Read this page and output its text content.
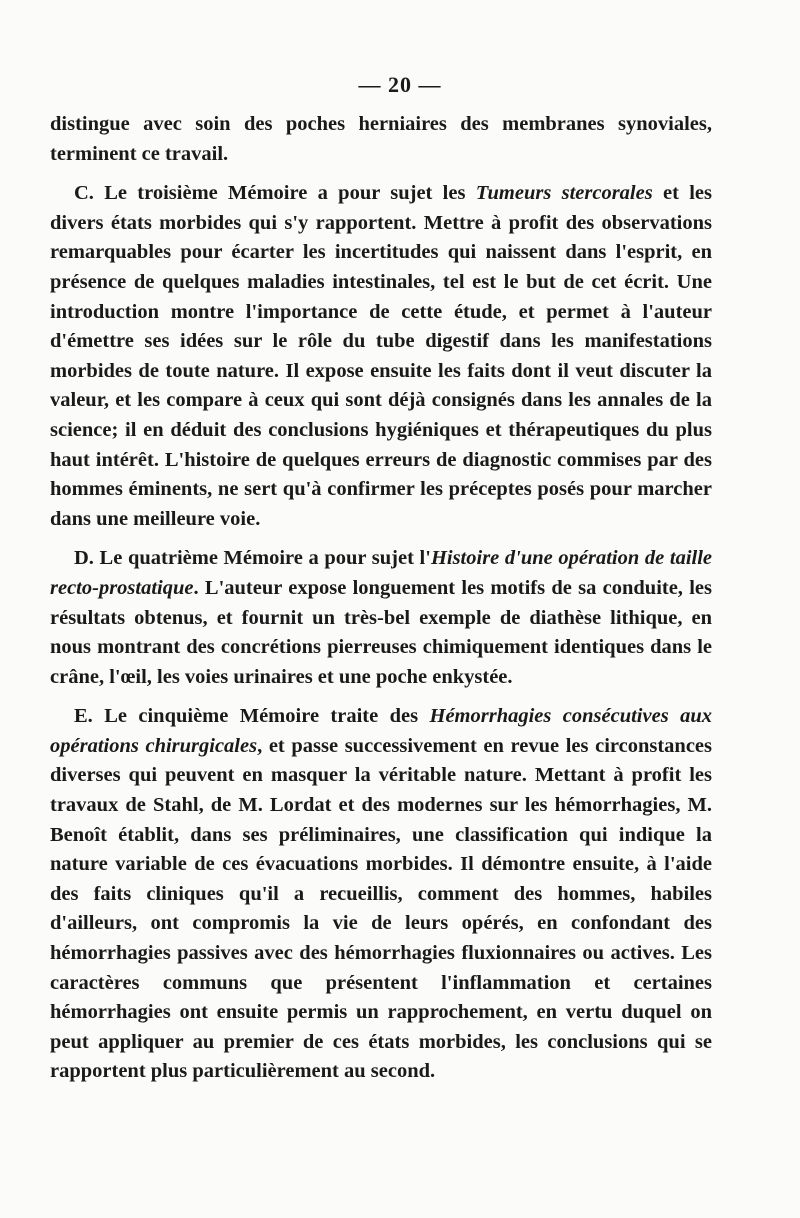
— 20 —

distingue avec soin des poches herniaires des membranes synoviales, terminent ce travail.

C. Le troisième Mémoire a pour sujet les Tumeurs stercorales et les divers états morbides qui s'y rapportent. Mettre à profit des observations remarquables pour écarter les incertitudes qui naissent dans l'esprit, en présence de quelques maladies intestinales, tel est le but de cet écrit. Une introduction montre l'importance de cette étude, et permet à l'auteur d'émettre ses idées sur le rôle du tube digestif dans les manifestations morbides de toute nature. Il expose ensuite les faits dont il veut discuter la valeur, et les compare à ceux qui sont déjà consignés dans les annales de la science; il en déduit des conclusions hygiéniques et thérapeutiques du plus haut intérêt. L'histoire de quelques erreurs de diagnostic commises par des hommes éminents, ne sert qu'à confirmer les préceptes posés pour marcher dans une meilleure voie.

D. Le quatrième Mémoire a pour sujet l'Histoire d'une opération de taille recto-prostatique. L'auteur expose longuement les motifs de sa conduite, les résultats obtenus, et fournit un très-bel exemple de diathèse lithique, en nous montrant des concrétions pierreuses chimiquement identiques dans le crâne, l'œil, les voies urinaires et une poche enkystée.

E. Le cinquième Mémoire traite des Hémorrhagies consécutives aux opérations chirurgicales, et passe successivement en revue les circonstances diverses qui peuvent en masquer la véritable nature. Mettant à profit les travaux de Stahl, de M. Lordat et des modernes sur les hémorrhagies, M. Benoît établit, dans ses préliminaires, une classification qui indique la nature variable de ces évacuations morbides. Il démontre ensuite, à l'aide des faits cliniques qu'il a recueillis, comment des hommes, habiles d'ailleurs, ont compromis la vie de leurs opérés, en confondant des hémorrhagies passives avec des hémorrhagies fluxionnaires ou actives. Les caractères communs que présentent l'inflammation et certaines hémorrhagies ont ensuite permis un rapprochement, en vertu duquel on peut appliquer au premier de ces états morbides, les conclusions qui se rapportent plus particulièrement au second.
